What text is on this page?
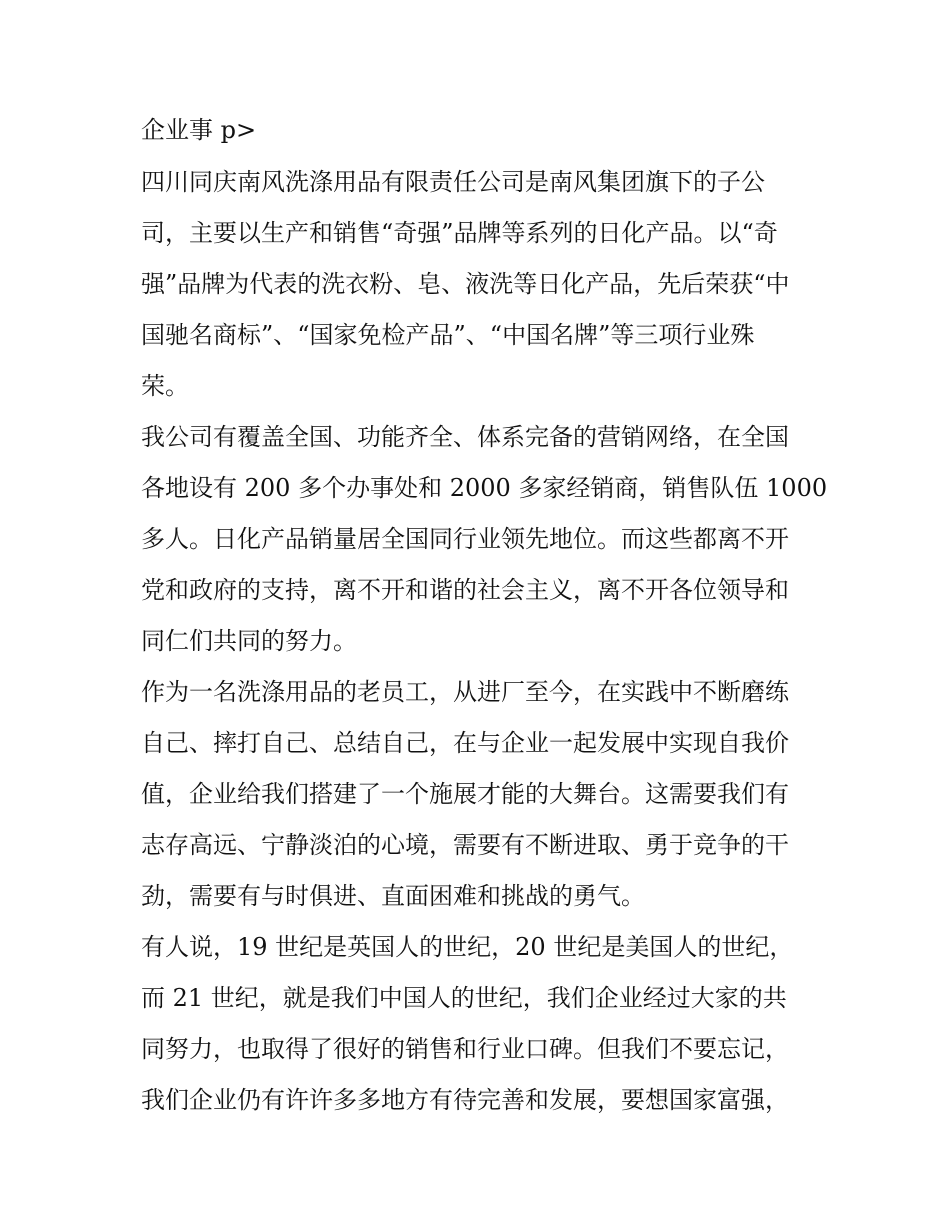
企业事 p>
四川同庆南风洗涤用品有限责任公司是南风集团旗下的子公
司，主要以生产和销售“奇强”品牌等系列的日化产品。以“奇
强”品牌为代表的洗衣粉、皂、液洗等日化产品，先后荣获“中
国驰名商标”、“国家免检产品”、“中国名牌”等三项行业殊
荣。
我公司有覆盖全国、功能齐全、体系完备的营销网络，在全国
各地设有 200 多个办事处和 2000 多家经销商，销售队伍 1000
多人。日化产品销量居全国同行业领先地位。而这些都离不开
党和政府的支持，离不开和谐的社会主义，离不开各位领导和
同仁们共同的努力。
作为一名洗涤用品的老员工，从进厂至今，在实践中不断磨练
自己、摔打自己、总结自己，在与企业一起发展中实现自我价
值，企业给我们搭建了一个施展才能的大舞台。这需要我们有
志存高远、宁静淡泊的心境，需要有不断进取、勇于竞争的干
劲，需要有与时俱进、直面困难和挑战的勇气。
有人说，19 世纪是英国人的世纪，20 世纪是美国人的世纪，
而 21 世纪，就是我们中国人的世纪，我们企业经过大家的共
同努力，也取得了很好的销售和行业口碑。但我们不要忘记，
我们企业仍有许许多多地方有待完善和发展，要想国家富强，
